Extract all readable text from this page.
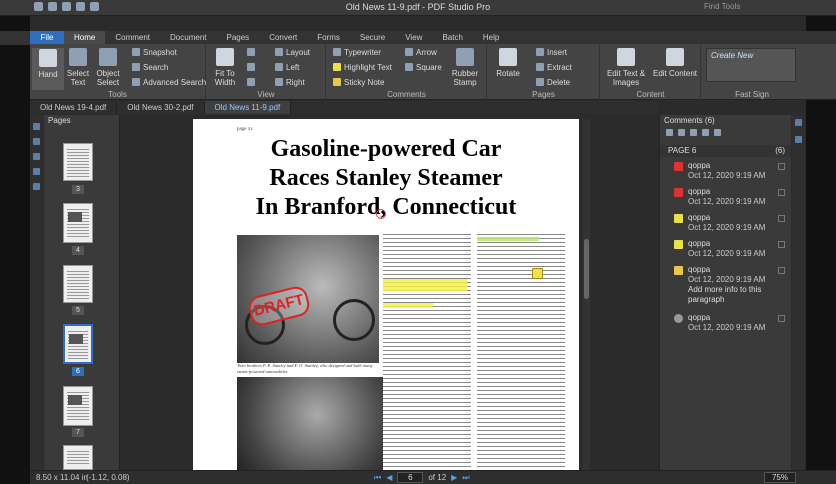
Old News 11-9.pdf - PDF Studio Pro	Find Tools
File	Home	Comment	Document	Pages	Convert	Forms	Secure	View	Batch	Help
Hand	Select
Text
Object
Select
Snapshot
Search
Advanced Search
Tools
Fit To
Width
Layout
Left
Right
View
Typewriter
Highlight Text
Sticky Note
Arrow
Square
Rubber
Stamp
Comments
Rotate
Insert
Extract
Delete
Pages
Edit Text &
Images
Edit Content
Content
Create New
Fast Sign
Old News 19-4.pdf	Old News 30-2.pdf	Old News 11-9.pdf
Pages
3
4
5
6
7
page xx
Gasoline-powered Car
Races Stanley Steamer
In Branford, Connecticut
DRAFT
Twin brothers F. E. Stanley and F. O. Stanley, who designed and built many steam-powered automobiles
Comments (6)
PAGE 6	(6)
qoppa
Oct 12, 2020 9:19 AM
qoppa
Oct 12, 2020 9:19 AM
qoppa
Oct 12, 2020 9:19 AM
qoppa
Oct 12, 2020 9:19 AM
qoppa
Oct 12, 2020 9:19 AM
Add more info to this paragraph
qoppa
Oct 12, 2020 9:19 AM
8.50 x 11.04 in
(-1.12, 0.08)	⏮ ◀	6	of 12 ▶ ⏭	75%
